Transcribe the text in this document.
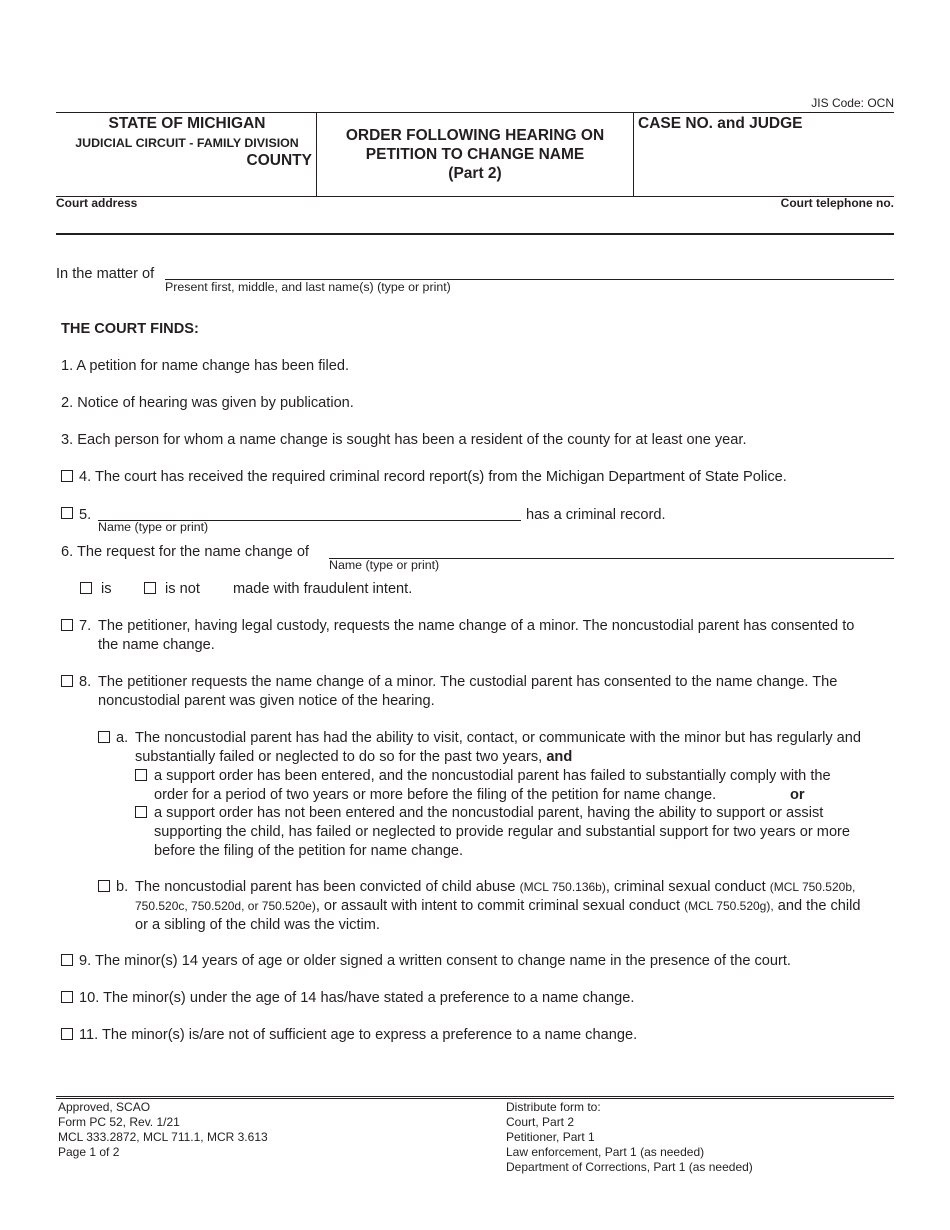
JIS Code: OCN
STATE OF MICHIGAN
JUDICIAL CIRCUIT - FAMILY DIVISION
COUNTY
ORDER FOLLOWING HEARING ON
PETITION TO CHANGE NAME
(Part 2)
CASE NO. and JUDGE
Court address	Court telephone no.
In the matter of
Present first, middle, and last name(s) (type or print)
THE COURT FINDS:
1. A petition for name change has been filed.
2. Notice of hearing was given by publication.
3. Each person for whom a name change is sought has been a resident of the county for at least one year.
4. The court has received the required criminal record report(s) from the Michigan Department of State Police.
5.
Name (type or print)
has a criminal record.
6. The request for the name change of
Name (type or print)
is	is not made with fraudulent intent.
7. The petitioner, having legal custody, requests the name change of a minor. The noncustodial parent has consented to
the name change.
8. The petitioner requests the name change of a minor. The custodial parent has consented to the name change. The
noncustodial parent was given notice of the hearing.
a. The noncustodial parent has had the ability to visit, contact, or communicate with the minor but has regularly and
substantially failed or neglected to do so for the past two years, and
a support order has been entered, and the noncustodial parent has failed to substantially comply with the
order for a period of two years or more before the filing of the petition for name change.	or
a support order has not been entered and the noncustodial parent, having the ability to support or assist
supporting the child, has failed or neglected to provide regular and substantial support for two years or more
before the filing of the petition for name change.
b. The noncustodial parent has been convicted of child abuse (MCL 750.136b), criminal sexual conduct (MCL 750.520b,
750.520c, 750.520d, or 750.520e), or assault with intent to commit criminal sexual conduct (MCL 750.520g), and the child
or a sibling of the child was the victim.
9. The minor(s) 14 years of age or older signed a written consent to change name in the presence of the court.
10. The minor(s) under the age of 14 has/have stated a preference to a name change.
11. The minor(s) is/are not of sufficient age to express a preference to a name change.
Approved, SCAO
Form PC 52, Rev. 1/21
MCL 333.2872, MCL 711.1, MCR 3.613
Page 1 of 2
Distribute form to:
Court, Part 2
Petitioner, Part 1
Law enforcement, Part 1 (as needed)
Department of Corrections, Part 1 (as needed)
